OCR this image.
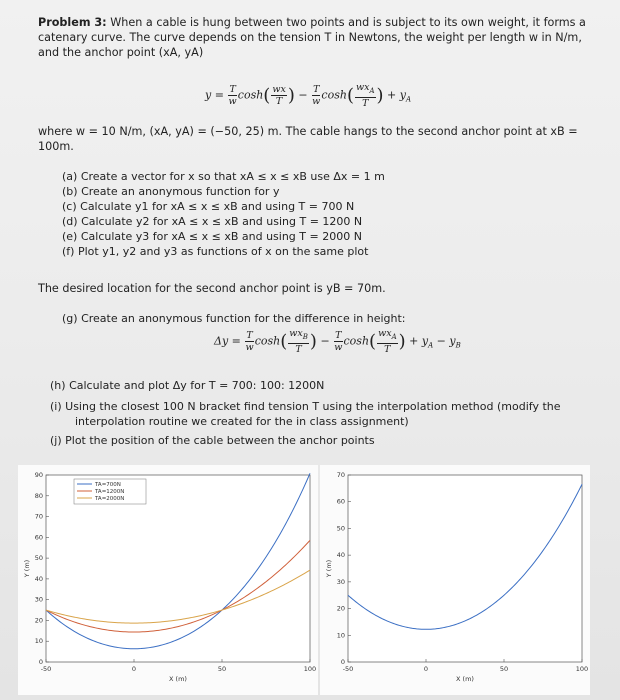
Problem 3: When a cable is hung between two points and is subject to its own weight, it forms a catenary curve. The curve depends on the tension T in Newtons, the weight per length w in N/m, and the anchor point (xA, yA)
$y = \frac{T}{w} \cosh( \frac{wx}{T}$ ) − $\frac{T}{w} \cosh( \frac{wx_A}{T}$ ) + $y_A$
where w = 10 N/m, (xA, yA) = (−50, 25) m. The cable hangs to the second anchor point at xB =
100m.
(a) Create a vector for x so that xA ≤ x ≤ xB use Δx = 1 m
(b) Create an anonymous function for y
(c) Calculate y1 for xA ≤ x ≤ xB and using T = 700 N
(d) Calculate y2 for xA ≤ x ≤ xB and using T = 1200 N
(e) Calculate y3 for xA ≤ x ≤ xB and using T = 2000 N
(f) Plot y1, y2 and y3 as functions of x on the same plot
The desired location for the second anchor point is yB = 70m.
(g) Create an anonymous function for the difference in height:
$\Delta y = \frac{T}{w} \cosh( \frac{wx_B}{T}$ ) − $\frac{T}{w} \cosh( \frac{wx_A}{T}$ ) + $y_A - y_B$
(h) Calculate and plot Δy for T = 700: 100: 1200N
(i) Using the closest 100 N bracket find tension T using the interpolation method (modify the
interpolation routine we created for the in class assignment)
(j) Plot the position of the cable between the anchor points
0
10
20
30
40
50
60
70
80
90
-50	0	50	100
X (m)
Y (m)
TA=700N
TA=1200N
TA=2000N
0
10
20
30
40
50
60
70
-50	0	50	100
X (m)
Y (m)
